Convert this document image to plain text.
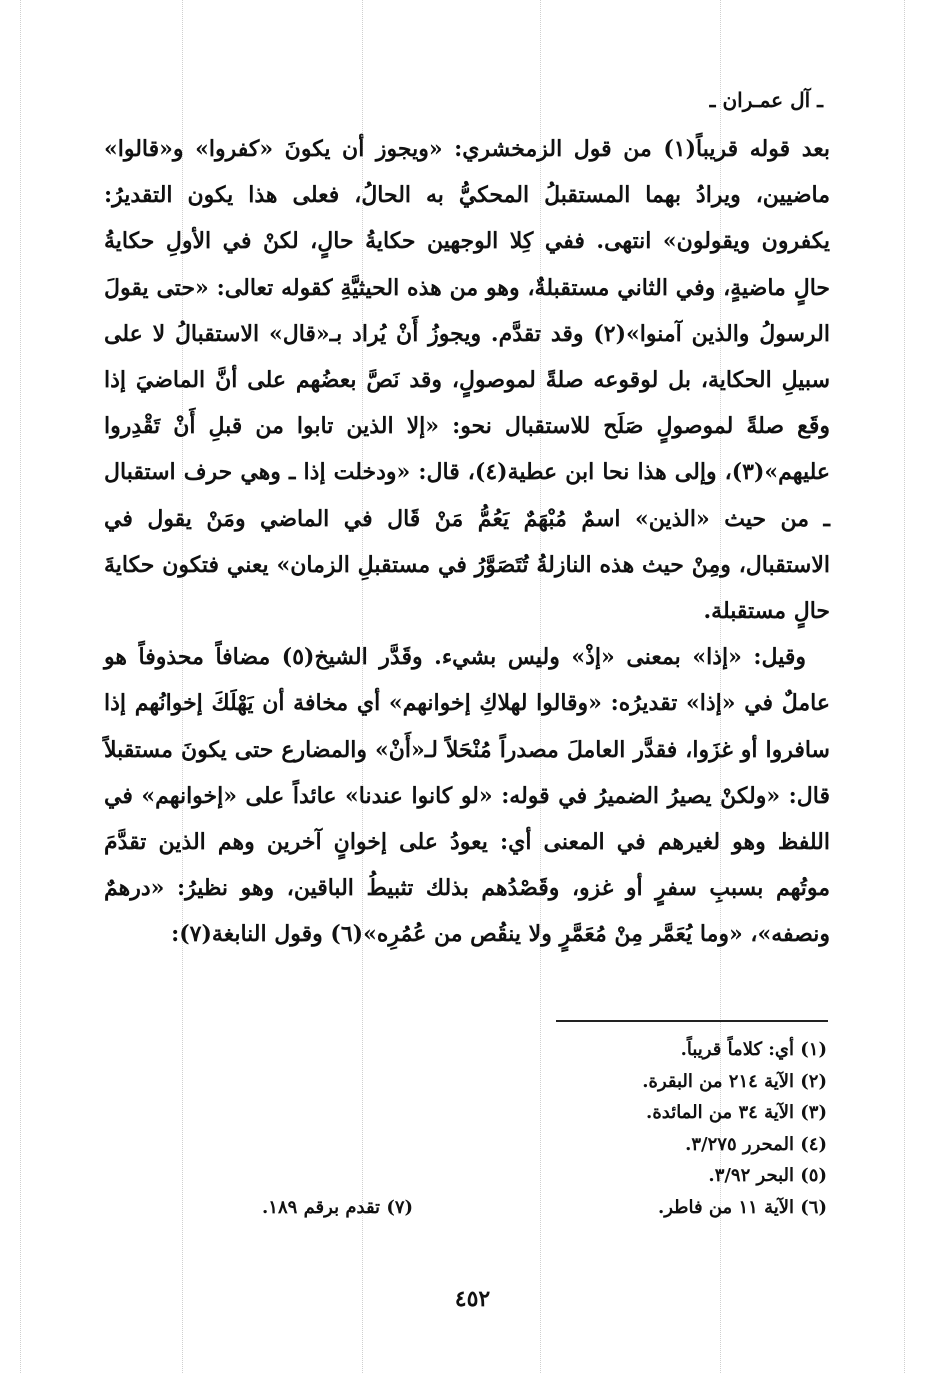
ـ آل عمـران ـ

بعد قوله قريباً(١) من قول الزمخشري: «ويجوز أن يكونَ «كفروا» و«قالوا» ماضيين، ويرادُ بهما المستقبلُ المحكيُّ به الحالُ، فعلى هذا يكون التقديرُ: يكفرون ويقولون» انتهى. ففي كِلا الوجهين حكايةُ حالٍ، لكنْ في الأولِ حكايةُ حالٍ ماضيةٍ، وفي الثاني مستقبلةٌ، وهو من هذه الحيثيَّةِ كقوله تعالى: «حتى يقولَ الرسولُ والذين آمنوا»(٢) وقد تقدَّم. ويجوزُ أَنْ يُراد بـ«قال» الاستقبالُ لا على سبيلِ الحكاية، بل لوقوعه صلةً لموصولٍ، وقد نَصَّ بعضُهم على أنَّ الماضيَ إذا وقَع صلةً لموصولٍ صَلَح للاستقبال نحو: «إلا الذين تابوا من قبلِ أَنْ تَقْدِروا عليهم»(٣)، وإلى هذا نحا ابن عطية(٤)، قال: «ودخلت إذا ـ وهي حرف استقبال ـ من حيث «الذين» اسمٌ مُبْهَمٌ يَعُمُّ مَنْ قَال في الماضي ومَنْ يقول في الاستقبال، ومِنْ حيث هذه النازلةُ تُتَصَوَّرُ في مستقبلِ الزمان» يعني فتكون حكايةَ حالٍ مستقبلة.

وقيل: «إذا» بمعنى «إذْ» وليس بشيء. وقَدَّر الشيخ(٥) مضافاً محذوفاً هو عاملٌ في «إذا» تقديرُه: «وقالوا لهلاكِ إخوانهم» أي مخافة أن يَهْلَكَ إخوانُهم إذا سافروا أو غزَوا، فقدَّر العاملَ مصدراً مُنْحَلاً لـ«أَنْ» والمضارع حتى يكونَ مستقبلاً قال: «ولكنْ يصيرُ الضميرُ في قوله: «لو كانوا عندنا» عائداً على «إخوانهم» في اللفظ وهو لغيرهم في المعنى أي: يعودُ على إخوانٍ آخرين وهم الذين تقدَّمَ موتُهم بسببِ سفرٍ أو غزو، وقَصْدُهم بذلك تثبيطُ الباقين، وهو نظيرُ: «درهمٌ ونصفه»، «وما يُعَمَّر مِنْ مُعَمَّرٍ ولا ينقُص من عُمُرِه»(٦) وقول النابغة(٧):

(١) أي: كلاماً قريباً.
(٢) الآية ٢١٤ من البقرة.
(٣) الآية ٣٤ من المائدة.
(٤) المحرر ٣/٢٧٥.
(٥) البحر ٣/٩٢.
(٦) الآية ١١ من فاطر.
(٧) تقدم برقم ١٨٩.
٤٥٢
